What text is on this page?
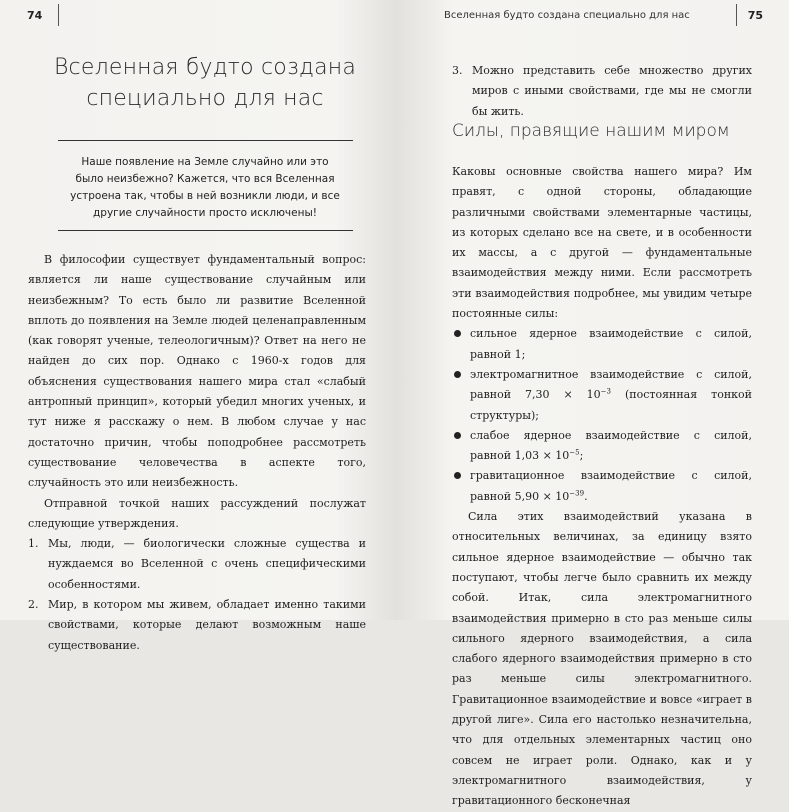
74
Вселенная будто создана
специально для нас
Наше появление на Земле случайно или это было неизбежно? Кажется, что вся Вселенная устроена так, чтобы в ней возникли люди, и все другие случайности просто исключены!

В философии существует фундаментальный вопрос: является ли наше существование случайным или неизбежным? То есть было ли развитие Вселенной вплоть до появления на Земле людей целенаправленным (как говорят ученые, телеологичным)? Ответ на него не найден до сих пор. Однако с 1960-х годов для объяснения существования нашего мира стал «слабый антропный принцип», который убедил многих ученых, и тут ниже я расскажу о нем. В любом случае у нас достаточно причин, чтобы поподробнее рассмотреть существование человечества в аспекте того, случайность это или неизбежность.

Отправной точкой наших рассуждений послужат следующие утверждения.

1. Мы, люди, — биологически сложные существа и нуждаемся во Вселенной с очень специфическими особенностями.
2. Мир, в котором мы живем, обладает именно такими свойствами, которые делают возможным наше существование.
Вселенная будто создана специально для нас	75
3. Можно представить себе множество других миров с иными свойствами, где мы не смогли бы жить.
Силы, правящие нашим миром

Каковы основные свойства нашего мира? Им правят, с одной стороны, обладающие различными свойствами элементарные частицы, из которых сделано все на свете, и в особенности их массы, а с другой — фундаментальные взаимодействия между ними. Если рассмотреть эти взаимодействия подробнее, мы увидим четыре постоянные силы:

сильное ядерное взаимодействие с силой, равной 1;
электромагнитное взаимодействие с силой, равной $7,30 \times 10^{-3}$ (постоянная тонкой структуры);
слабое ядерное взаимодействие с силой, равной $1,03 \times 10^{-5}$;
гравитационное взаимодействие с силой, равной $5,90 \times 10^{-39}$.

Сила этих взаимодействий указана в относительных величинах, за единицу взято сильное ядерное взаимодействие — обычно так поступают, чтобы легче было сравнить их между собой. Итак, сила электромагнитного взаимодействия примерно в сто раз меньше силы сильного ядерного взаимодействия, а сила слабого ядерного взаимодействия примерно в сто раз меньше силы электромагнитного. Гравитационное взаимодействие и вовсе «играет в другой лиге». Сила его настолько незначительна, что для отдельных элементарных частиц оно совсем не играет роли. Однако, как и у электромагнитного взаимодействия, у гравитационного бесконечная
